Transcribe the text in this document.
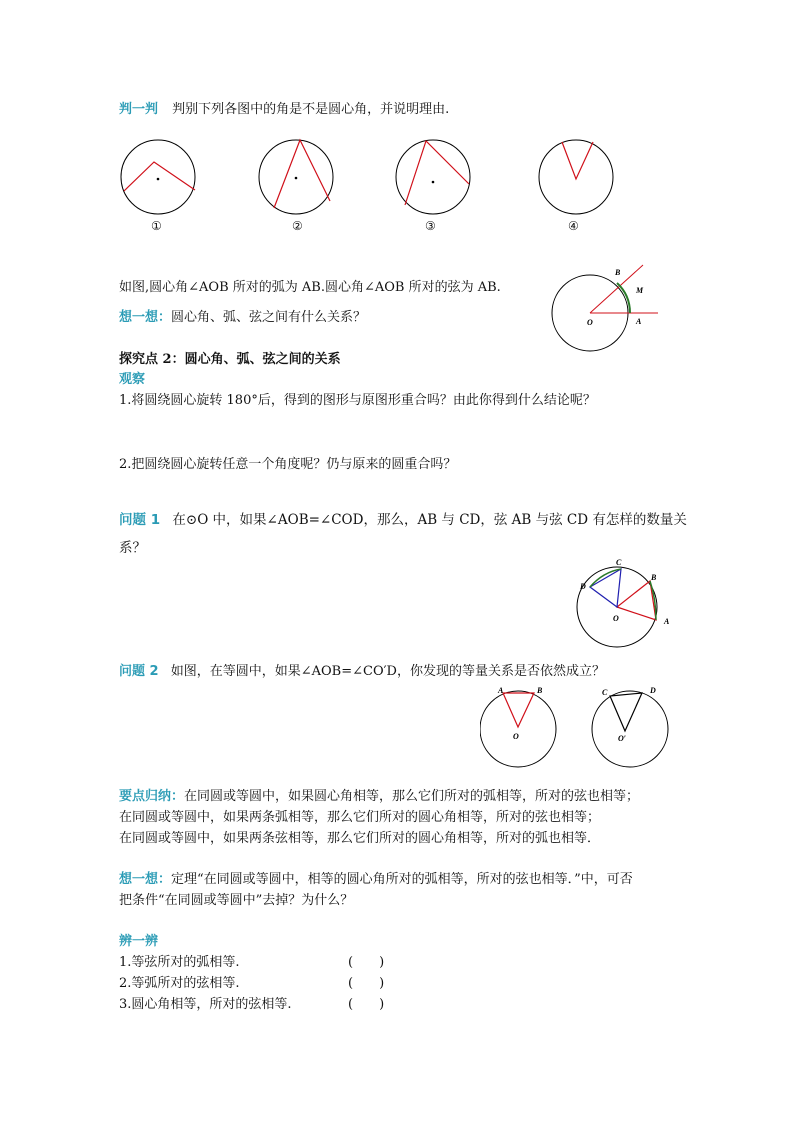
判一判 判别下列各图中的角是不是圆心角，并说明理由.
①	②	③	④
如图,圆心角∠AOB 所对的弧为 AB.圆心角∠AOB 所对的弦为 AB.
想一想：圆心角、弧、弦之间有什么关系？
B
M
O	A
探究点 2：圆心角、弧、弦之间的关系
观察
1.将圆绕圆心旋转 180°后，得到的图形与原图形重合吗？由此你得到什么结论呢？
2.把圆绕圆心旋转任意一个角度呢？仍与原来的圆重合吗？
问题 1 在⊙O 中，如果∠AOB=∠COD，那么，AB 与 CD，弦 AB 与弦 CD 有怎样的数量关
系？
C
B
D
O	A
问题 2 如图，在等圆中，如果∠AOB=∠CO′D，你发现的等量关系是否依然成立？
A	B
O
C	D
O′
要点归纳：在同圆或等圆中，如果圆心角相等，那么它们所对的弧相等，所对的弦也相等；
在同圆或等圆中，如果两条弧相等，那么它们所对的圆心角相等，所对的弦也相等；
在同圆或等圆中，如果两条弦相等，那么它们所对的圆心角相等，所对的弧也相等．
想一想：定理“在同圆或等圆中，相等的圆心角所对的弧相等，所对的弦也相等．”中，可否
把条件“在同圆或等圆中”去掉？为什么？
辨一辨
1.等弦所对的弧相等.
2.等弧所对的弦相等.
3.圆心角相等，所对的弦相等.
(　　)
(　　)
(　　)
